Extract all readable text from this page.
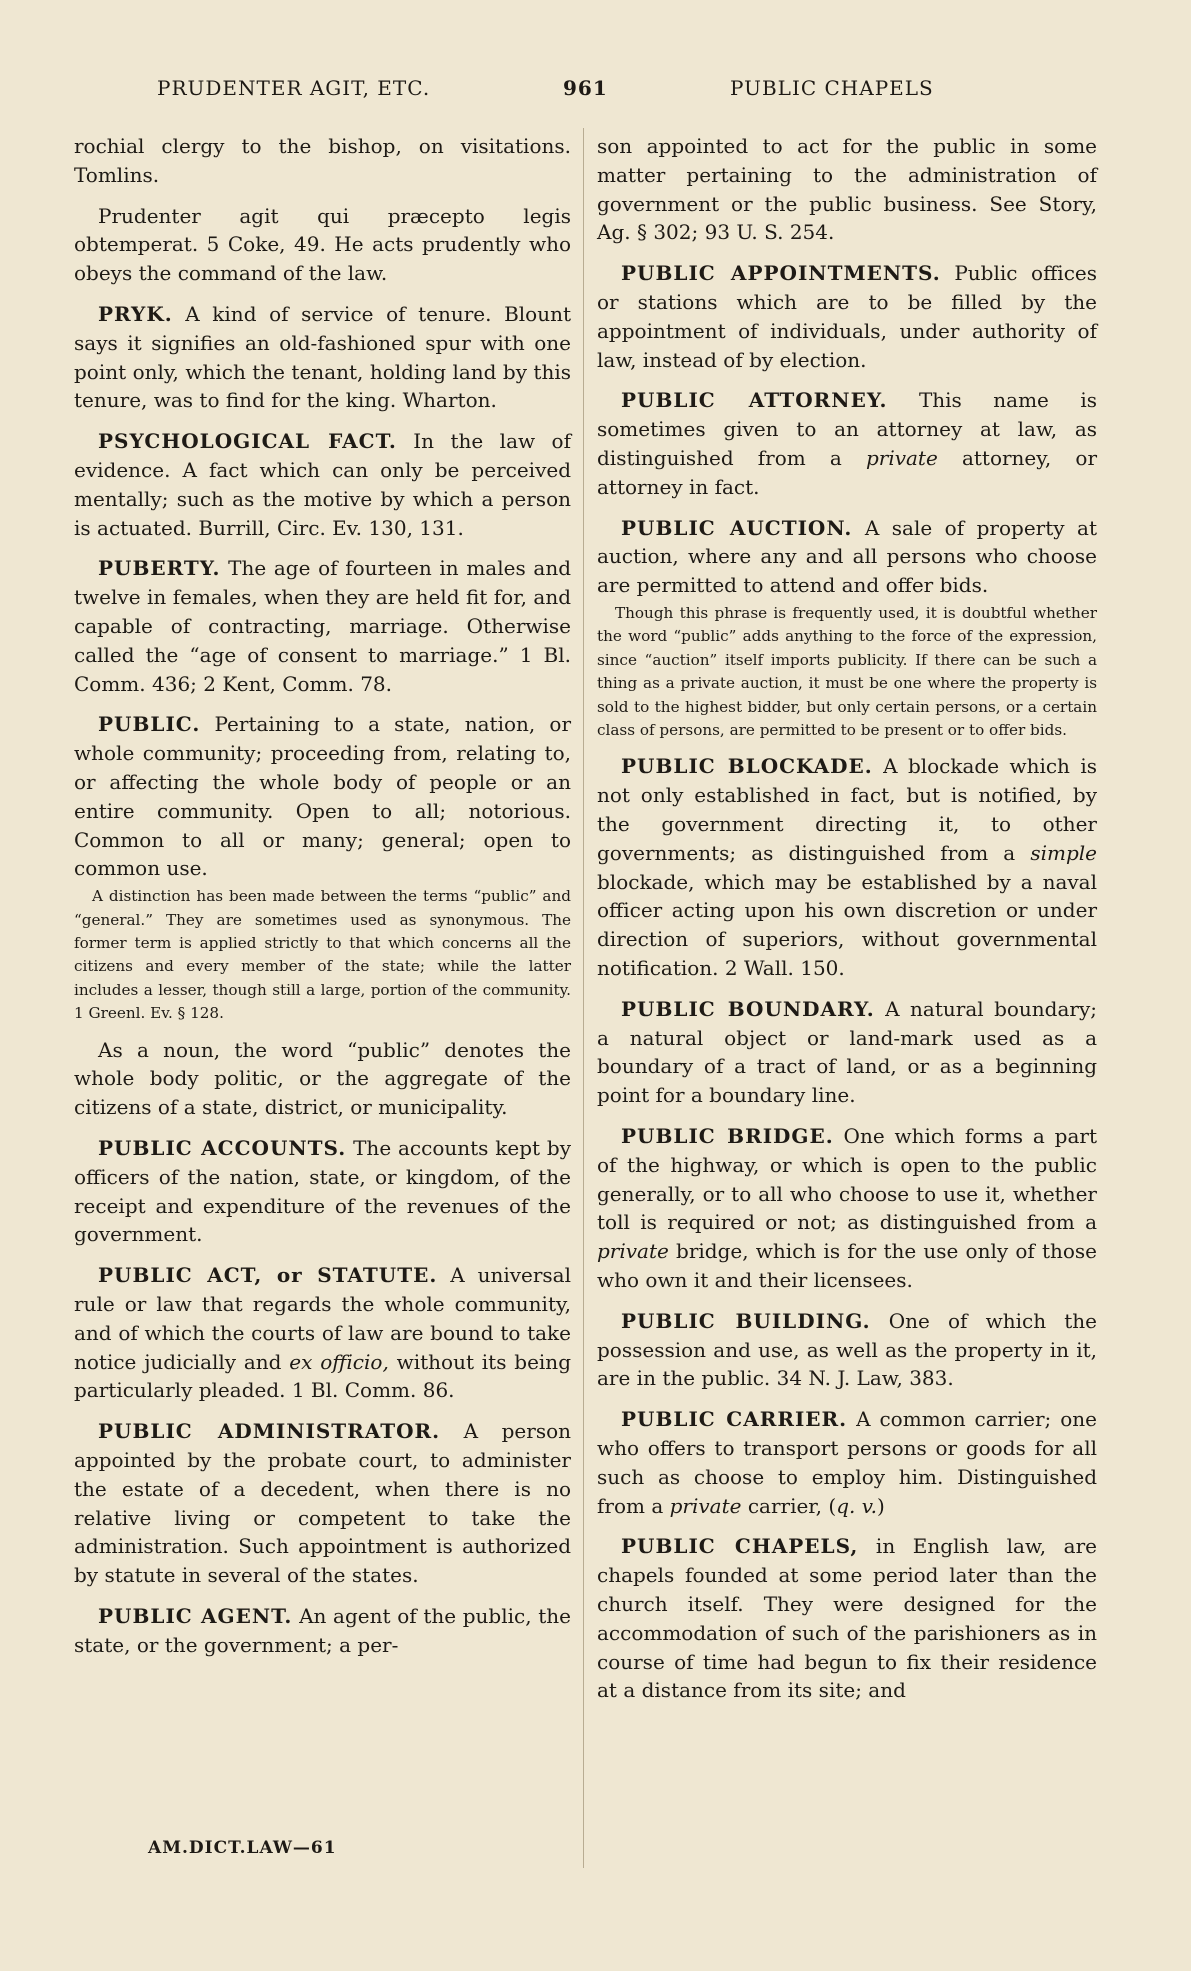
PRUDENTER AGIT, ETC.	961	PUBLIC CHAPELS

rochial clergy to the bishop, on visitations. Tomlins.

Prudenter agit qui præcepto legis obtemperat. 5 Coke, 49. He acts prudently who obeys the command of the law.

PRYK. A kind of service of tenure. Blount says it signifies an old-fashioned spur with one point only, which the tenant, holding land by this tenure, was to find for the king. Wharton.

PSYCHOLOGICAL FACT. In the law of evidence. A fact which can only be perceived mentally; such as the motive by which a person is actuated. Burrill, Circ. Ev. 130, 131.

PUBERTY. The age of fourteen in males and twelve in females, when they are held fit for, and capable of contracting, marriage. Otherwise called the “age of consent to marriage.” 1 Bl. Comm. 436; 2 Kent, Comm. 78.

PUBLIC. Pertaining to a state, nation, or whole community; proceeding from, relating to, or affecting the whole body of people or an entire community. Open to all; notorious. Common to all or many; general; open to common use.

A distinction has been made between the terms “public” and “general.” They are sometimes used as synonymous. The former term is applied strictly to that which concerns all the citizens and every member of the state; while the latter includes a lesser, though still a large, portion of the community. 1 Greenl. Ev. § 128.

As a noun, the word “public” denotes the whole body politic, or the aggregate of the citizens of a state, district, or municipality.

PUBLIC ACCOUNTS. The accounts kept by officers of the nation, state, or kingdom, of the receipt and expenditure of the revenues of the government.

PUBLIC ACT, or STATUTE. A universal rule or law that regards the whole community, and of which the courts of law are bound to take notice judicially and ex officio, without its being particularly pleaded. 1 Bl. Comm. 86.

PUBLIC ADMINISTRATOR. A person appointed by the probate court, to administer the estate of a decedent, when there is no relative living or competent to take the administration. Such appointment is authorized by statute in several of the states.

PUBLIC AGENT. An agent of the public, the state, or the government; a per-

son appointed to act for the public in some matter pertaining to the administration of government or the public business. See Story, Ag. § 302; 93 U. S. 254.

PUBLIC APPOINTMENTS. Public offices or stations which are to be filled by the appointment of individuals, under authority of law, instead of by election.

PUBLIC ATTORNEY. This name is sometimes given to an attorney at law, as distinguished from a private attorney, or attorney in fact.

PUBLIC AUCTION. A sale of property at auction, where any and all persons who choose are permitted to attend and offer bids.

Though this phrase is frequently used, it is doubtful whether the word “public” adds anything to the force of the expression, since “auction” itself imports publicity. If there can be such a thing as a private auction, it must be one where the property is sold to the highest bidder, but only certain persons, or a certain class of persons, are permitted to be present or to offer bids.

PUBLIC BLOCKADE. A blockade which is not only established in fact, but is notified, by the government directing it, to other governments; as distinguished from a simple blockade, which may be established by a naval officer acting upon his own discretion or under direction of superiors, without governmental notification. 2 Wall. 150.

PUBLIC BOUNDARY. A natural boundary; a natural object or land-mark used as a boundary of a tract of land, or as a beginning point for a boundary line.

PUBLIC BRIDGE. One which forms a part of the highway, or which is open to the public generally, or to all who choose to use it, whether toll is required or not; as distinguished from a private bridge, which is for the use only of those who own it and their licensees.

PUBLIC BUILDING. One of which the possession and use, as well as the property in it, are in the public. 34 N. J. Law, 383.

PUBLIC CARRIER. A common carrier; one who offers to transport persons or goods for all such as choose to employ him. Distinguished from a private carrier, (q. v.)

PUBLIC CHAPELS, in English law, are chapels founded at some period later than the church itself. They were designed for the accommodation of such of the parishioners as in course of time had begun to fix their residence at a distance from its site; and

AM.DICT.LAW—61
